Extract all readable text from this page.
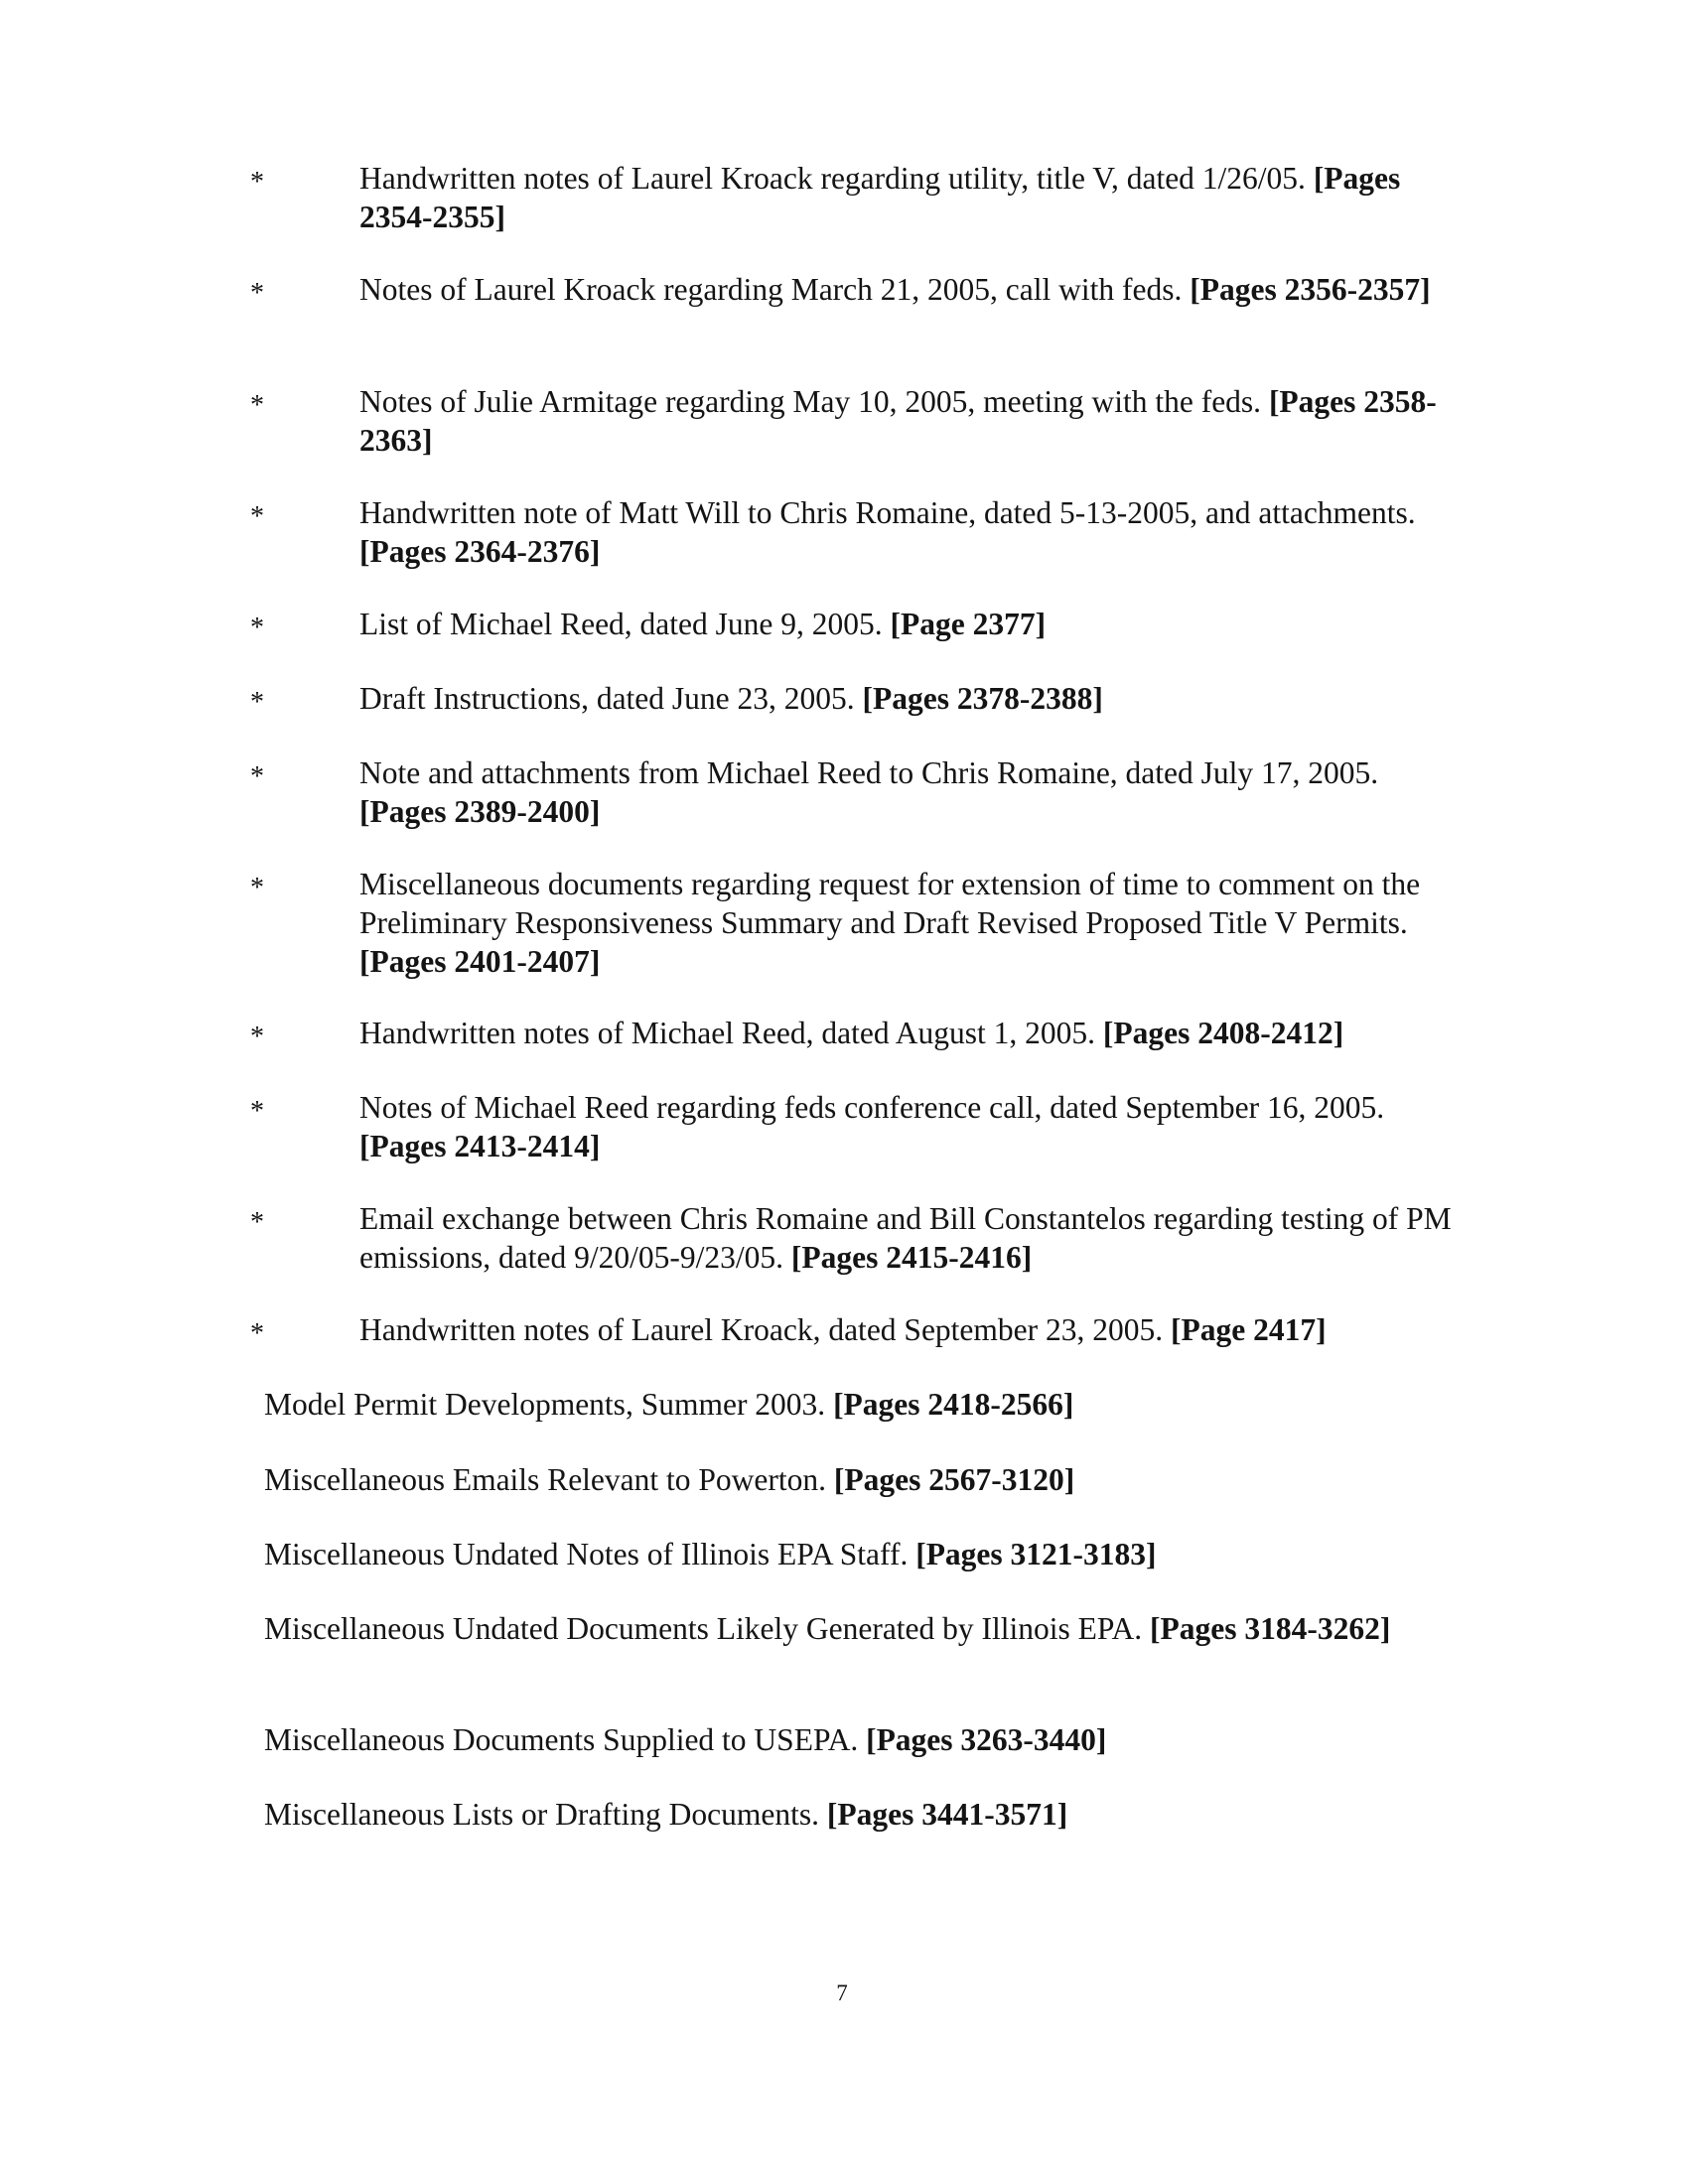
*	Handwritten notes of Laurel Kroack regarding utility, title V, dated 1/26/05. [Pages 2354-2355]
*	Notes of Laurel Kroack regarding March 21, 2005, call with feds. [Pages 2356-2357]
*	Notes of Julie Armitage regarding May 10, 2005, meeting with the feds. [Pages 2358-2363]
*	Handwritten note of Matt Will to Chris Romaine, dated 5-13-2005, and attachments. [Pages 2364-2376]
*	List of Michael Reed, dated June 9, 2005. [Page 2377]
*	Draft Instructions, dated June 23, 2005. [Pages 2378-2388]
*	Note and attachments from Michael Reed to Chris Romaine, dated July 17, 2005. [Pages 2389-2400]
*	Miscellaneous documents regarding request for extension of time to comment on the Preliminary Responsiveness Summary and Draft Revised Proposed Title V Permits. [Pages 2401-2407]
*	Handwritten notes of Michael Reed, dated August 1, 2005. [Pages 2408-2412]
*	Notes of Michael Reed regarding feds conference call, dated September 16, 2005. [Pages 2413-2414]
*	Email exchange between Chris Romaine and Bill Constantelos regarding testing of PM emissions, dated 9/20/05-9/23/05. [Pages 2415-2416]
*	Handwritten notes of Laurel Kroack, dated September 23, 2005. [Page 2417]
Model Permit Developments, Summer 2003. [Pages 2418-2566]
Miscellaneous Emails Relevant to Powerton. [Pages 2567-3120]
Miscellaneous Undated Notes of Illinois EPA Staff. [Pages 3121-3183]
Miscellaneous Undated Documents Likely Generated by Illinois EPA. [Pages 3184-3262]
Miscellaneous Documents Supplied to USEPA. [Pages 3263-3440]
Miscellaneous Lists or Drafting Documents. [Pages 3441-3571]
7
